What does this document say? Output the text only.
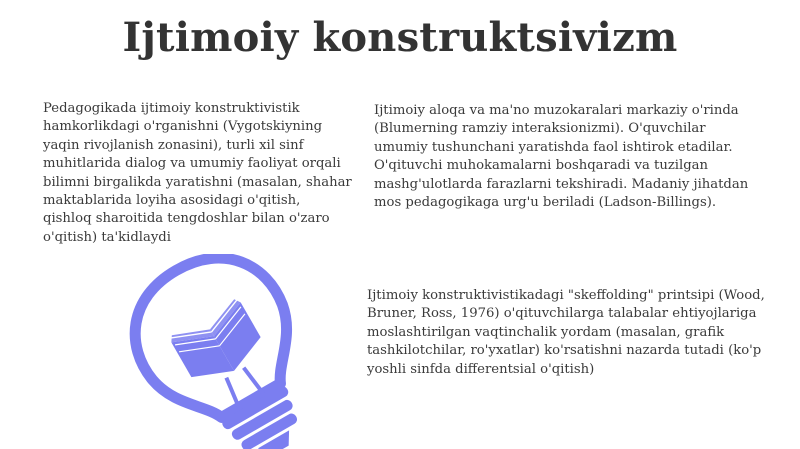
Ijtimoiy konstruktsivizm

Pedagogikada ijtimoiy konstruktivistik hamkorlikdagi o'rganishni (Vygotskiyning yaqin rivojlanish zonasini), turli xil sinf muhitlarida dialog va umumiy faoliyat orqali bilimni birgalikda yaratishni (masalan, shahar maktablarida loyiha asosidagi o'qitish, qishloq sharoitida tengdoshlar bilan o'zaro o'qitish) ta'kidlaydi

Ijtimoiy aloqa va ma'no muzokaralari markaziy o'rinda (Blumerning ramziy interaksionizmi). O'quvchilar umumiy tushunchani yaratishda faol ishtirok etadilar. O'qituvchi muhokamalarni boshqaradi va tuzilgan mashg'ulotlarda farazlarni tekshiradi. Madaniy jihatdan mos pedagogikaga urg'u beriladi (Ladson-Billings).

Ijtimoiy konstruktivistikadagi "skeffolding" printsipi (Wood, Bruner, Ross, 1976) o'qituvchilarga talabalar ehtiyojlariga moslashtirilgan vaqtinchalik yordam (masalan, grafik tashkilotchilar, ro'yxatlar) ko'rsatishni nazarda tutadi (ko'p yoshli sinfda differentsial o'qitish)
